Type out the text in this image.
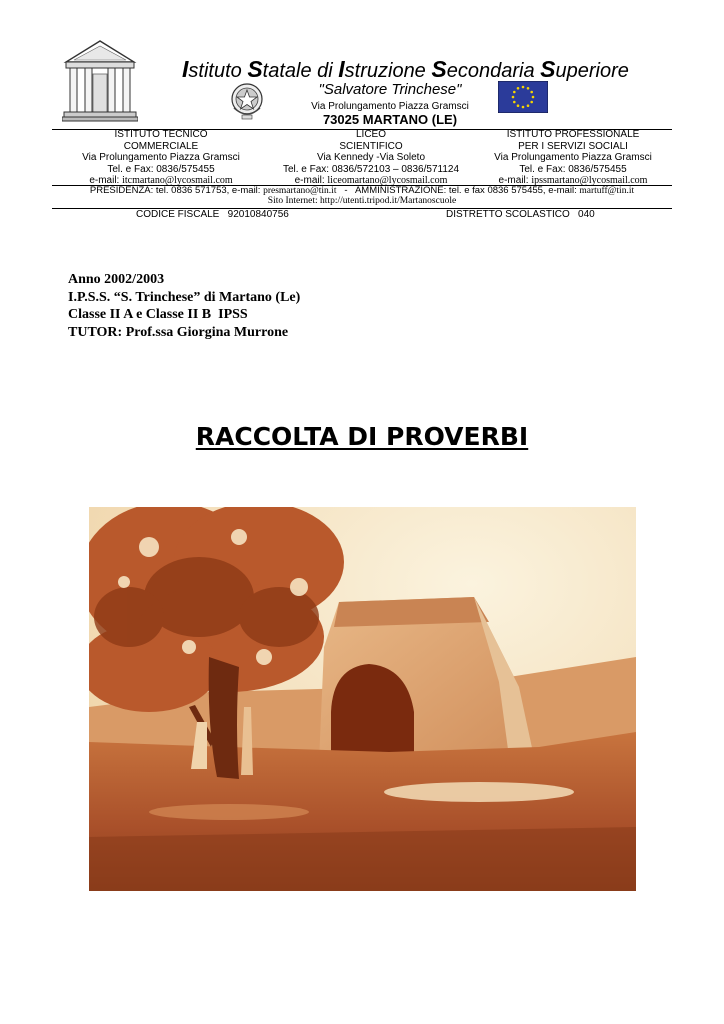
Istituto Statale di Istruzione Secondaria Superiore
"Salvatore Trinchese"
Via Prolungamento Piazza Gramsci
73025 MARTANO (LE)
ISTITUTO TECNICO
COMMERCIALE
Via Prolungamento Piazza Gramsci
Tel. e Fax: 0836/575455
e-mail: itcmartano@lycosmail.com
LICEO
SCIENTIFICO
Via Kennedy -Via Soleto
Tel. e Fax: 0836/572103 – 0836/571124
e-mail: liceomartano@lycosmail.com
ISTITUTO PROFESSIONALE
PER I SERVIZI SOCIALI
Via Prolungamento Piazza Gramsci
Tel. e Fax: 0836/575455
e-mail: ipssmartano@lycosmail.com
PRESIDENZA: tel. 0836 571753, e-mail: presmartano@tin.it   -   AMMINISTRAZIONE: tel. e fax 0836 575455, e-mail: martuff@tin.it
Sito Internet: http://utenti.tripod.it/Martanoscuole
CODICE FISCALE   92010840756	DISTRETTO SCOLASTICO   040
Anno 2002/2003
I.P.S.S. “S. Trinchese” di Martano (Le)
Classe II A e Classe II B  IPSS
TUTOR: Prof.ssa Giorgina Murrone
RACCOLTA DI PROVERBI
